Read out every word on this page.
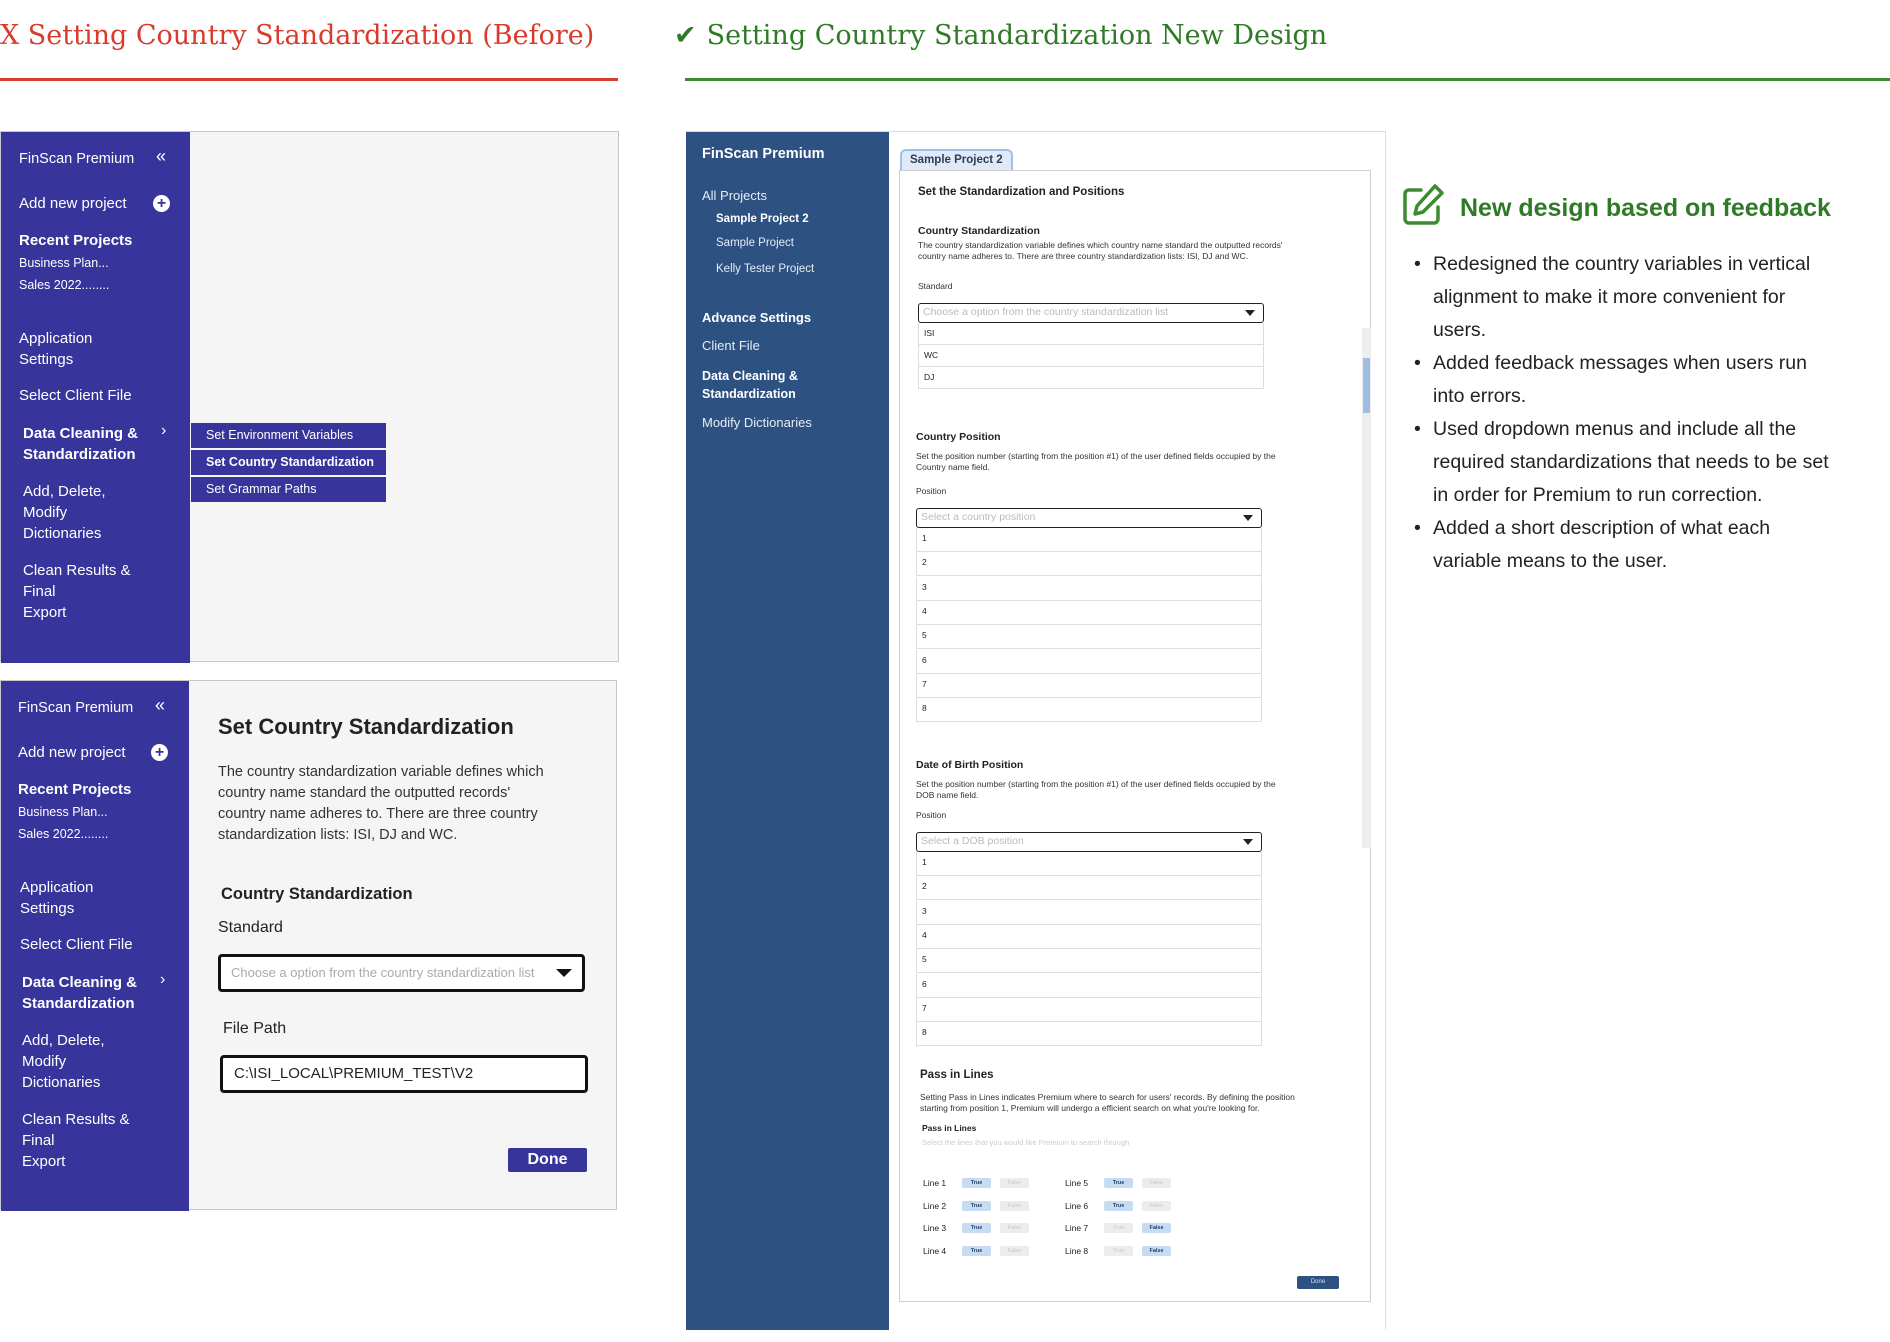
X Setting Country Standardization (Before)	✔ Setting Country Standardization New Design
FinScan Premium «
Add new project +
Recent Projects
Business Plan...
Sales 2022........
Application
Settings
Select Client File
Data Cleaning &
Standardization
›
Add, Delete,
Modify
Dictionaries
Clean Results &
Final
Export
Set Environment Variables
Set Country Standardization
Set Grammar Paths
FinScan Premium «
Add new project +
Recent Projects
Business Plan...
Sales 2022........
Application
Settings
Select Client File
Data Cleaning &
Standardization
›
Add, Delete,
Modify
Dictionaries
Clean Results &
Final
Export
Set Country Standardization
The country standardization variable defines which
country name standard the outputted records'
country name adheres to. There are three country
standardization lists: ISI, DJ and WC.
Country Standardization
Standard
Choose a option from the country standardization list
File Path
C:\ISI_LOCAL\PREMIUM_TEST\V2
Done
FinScan Premium
All Projects
Sample Project 2
Sample Project
Kelly Tester Project
Advance Settings
Client File
Data Cleaning &
Standardization
Modify Dictionaries
Sample Project 2
Set the Standardization and Positions
Country Standardization
The country standardization variable defines which country name standard the outputted records'
country name adheres to. There are three country standardization lists: ISI, DJ and WC.
Standard
Choose a option from the country standardization list
ISI
WC
DJ
Country Position
Set the position number (starting from the position #1) of the user defined fields occupied by the
Country name field.
Position
Select a country position
1
2
3
4
5
6
7
8
Date of Birth Position
Set the position number (starting from the position #1) of the user defined fields occupied by the
DOB name field.
Position
Select a DOB position
1
2
3
4
5
6
7
8
Pass in Lines
Setting Pass in Lines indicates Premium where to search for users' records. By defining the position
starting from position 1, Premium will undergo a efficient search on what you're looking for.
Pass in Lines
Select the lines that you would like Premium to search through
Line 1	True	False
Line 2	True	False
Line 3	True	False
Line 4	True	False
Line 5	True	False
Line 6	True	False
Line 7	True	False
Line 8	True	False
Done
New design based on feedback
• Redesigned the country variables in vertical
alignment to make it more convenient for
users.
• Added feedback messages when users run
into errors.
• Used dropdown menus and include all the
required standardizations that needs to be set
in order for Premium to run correction.
• Added a short description of what each
variable means to the user.
